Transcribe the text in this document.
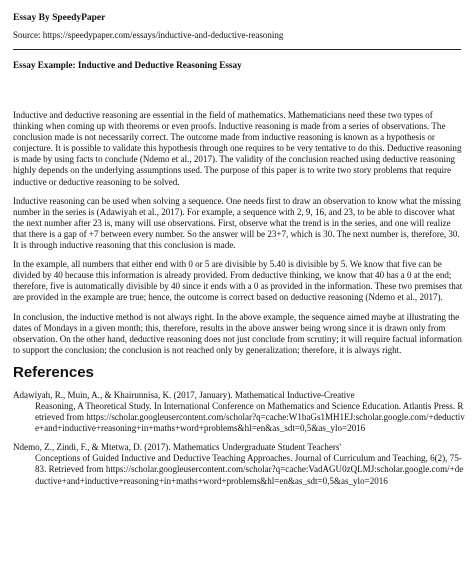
Essay By SpeedyPaper

Source: https://speedypaper.com/essays/inductive-and-deductive-reasoning

Essay Example: Inductive and Deductive Reasoning Essay

Inductive and deductive reasoning are essential in the field of mathematics. Mathematicians need these two types of thinking when coming up with theorems or even proofs. Inductive reasoning is made from a series of observations. The conclusion made is not necessarily correct. The outcome made from inductive reasoning is known as a hypothesis or conjecture. It is possible to validate this hypothesis through one requires to be very tentative to do this. Deductive reasoning is made by using facts to conclude (Ndemo et al., 2017). The validity of the conclusion reached using deductive reasoning highly depends on the underlying assumptions used. The purpose of this paper is to write two story problems that require inductive or deductive reasoning to be solved.

Inductive reasoning can be used when solving a sequence. One needs first to draw an observation to know what the missing number in the series is (Adawiyah et al., 2017). For example, a sequence with 2, 9, 16, and 23, to be able to discover what the next number after 23 is, many will use observations. First, observe what the trend is in the series, and one will realize that there is a gap of +7 between every number. So the answer will be 23+7, which is 30. The next number is, therefore, 30. It is through inductive reasoning that this conclusion is made.

In the example, all numbers that either end with 0 or 5 are divisible by 5.40 is divisible by 5. We know that five can be divided by 40 because this information is already provided. From deductive thinking, we know that 40 has a 0 at the end; therefore, five is automatically divisible by 40 since it ends with a 0 as provided in the information. These two premises that are provided in the example are true; hence, the outcome is correct based on deductive reasoning (Ndemo et al., 2017).

In conclusion, the inductive method is not always right. In the above example, the sequence aimed maybe at illustrating the dates of Mondays in a given month; this, therefore, results in the above answer being wrong since it is drawn only from observation. On the other hand, deductive reasoning does not just conclude from scrutiny; it will require factual information to support the conclusion; the conclusion is not reached only by generalization; therefore, it is always right.

References
Adawiyah, R., Muin, A., & Khairunnisa, K. (2017, January). Mathematical Inductive-Creative
Reasoning, A Theoretical Study. In International Conference on Mathematics and Science Education. Atlantis Press. Retrieved from https://scholar.googleusercontent.com/scholar?q=cache:W1baGs1MH1EJ:scholar.google.com/+deductive+and+inductive+reasoning+in+maths+word+problems&hl=en&as_sdt=0,5&as_ylo=2016
Ndemo, Z., Zindi, F., & Mtetwa, D. (2017). Mathematics Undergraduate Student Teachers'
Conceptions of Guided Inductive and Deductive Teaching Approaches. Journal of Curriculum and Teaching, 6(2), 75-83. Retrieved from https://scholar.googleusercontent.com/scholar?q=cache:VadAGU0zQLMJ:scholar.google.com/+deductive+and+inductive+reasoning+in+maths+word+problems&hl=en&as_sdt=0,5&as_ylo=2016
